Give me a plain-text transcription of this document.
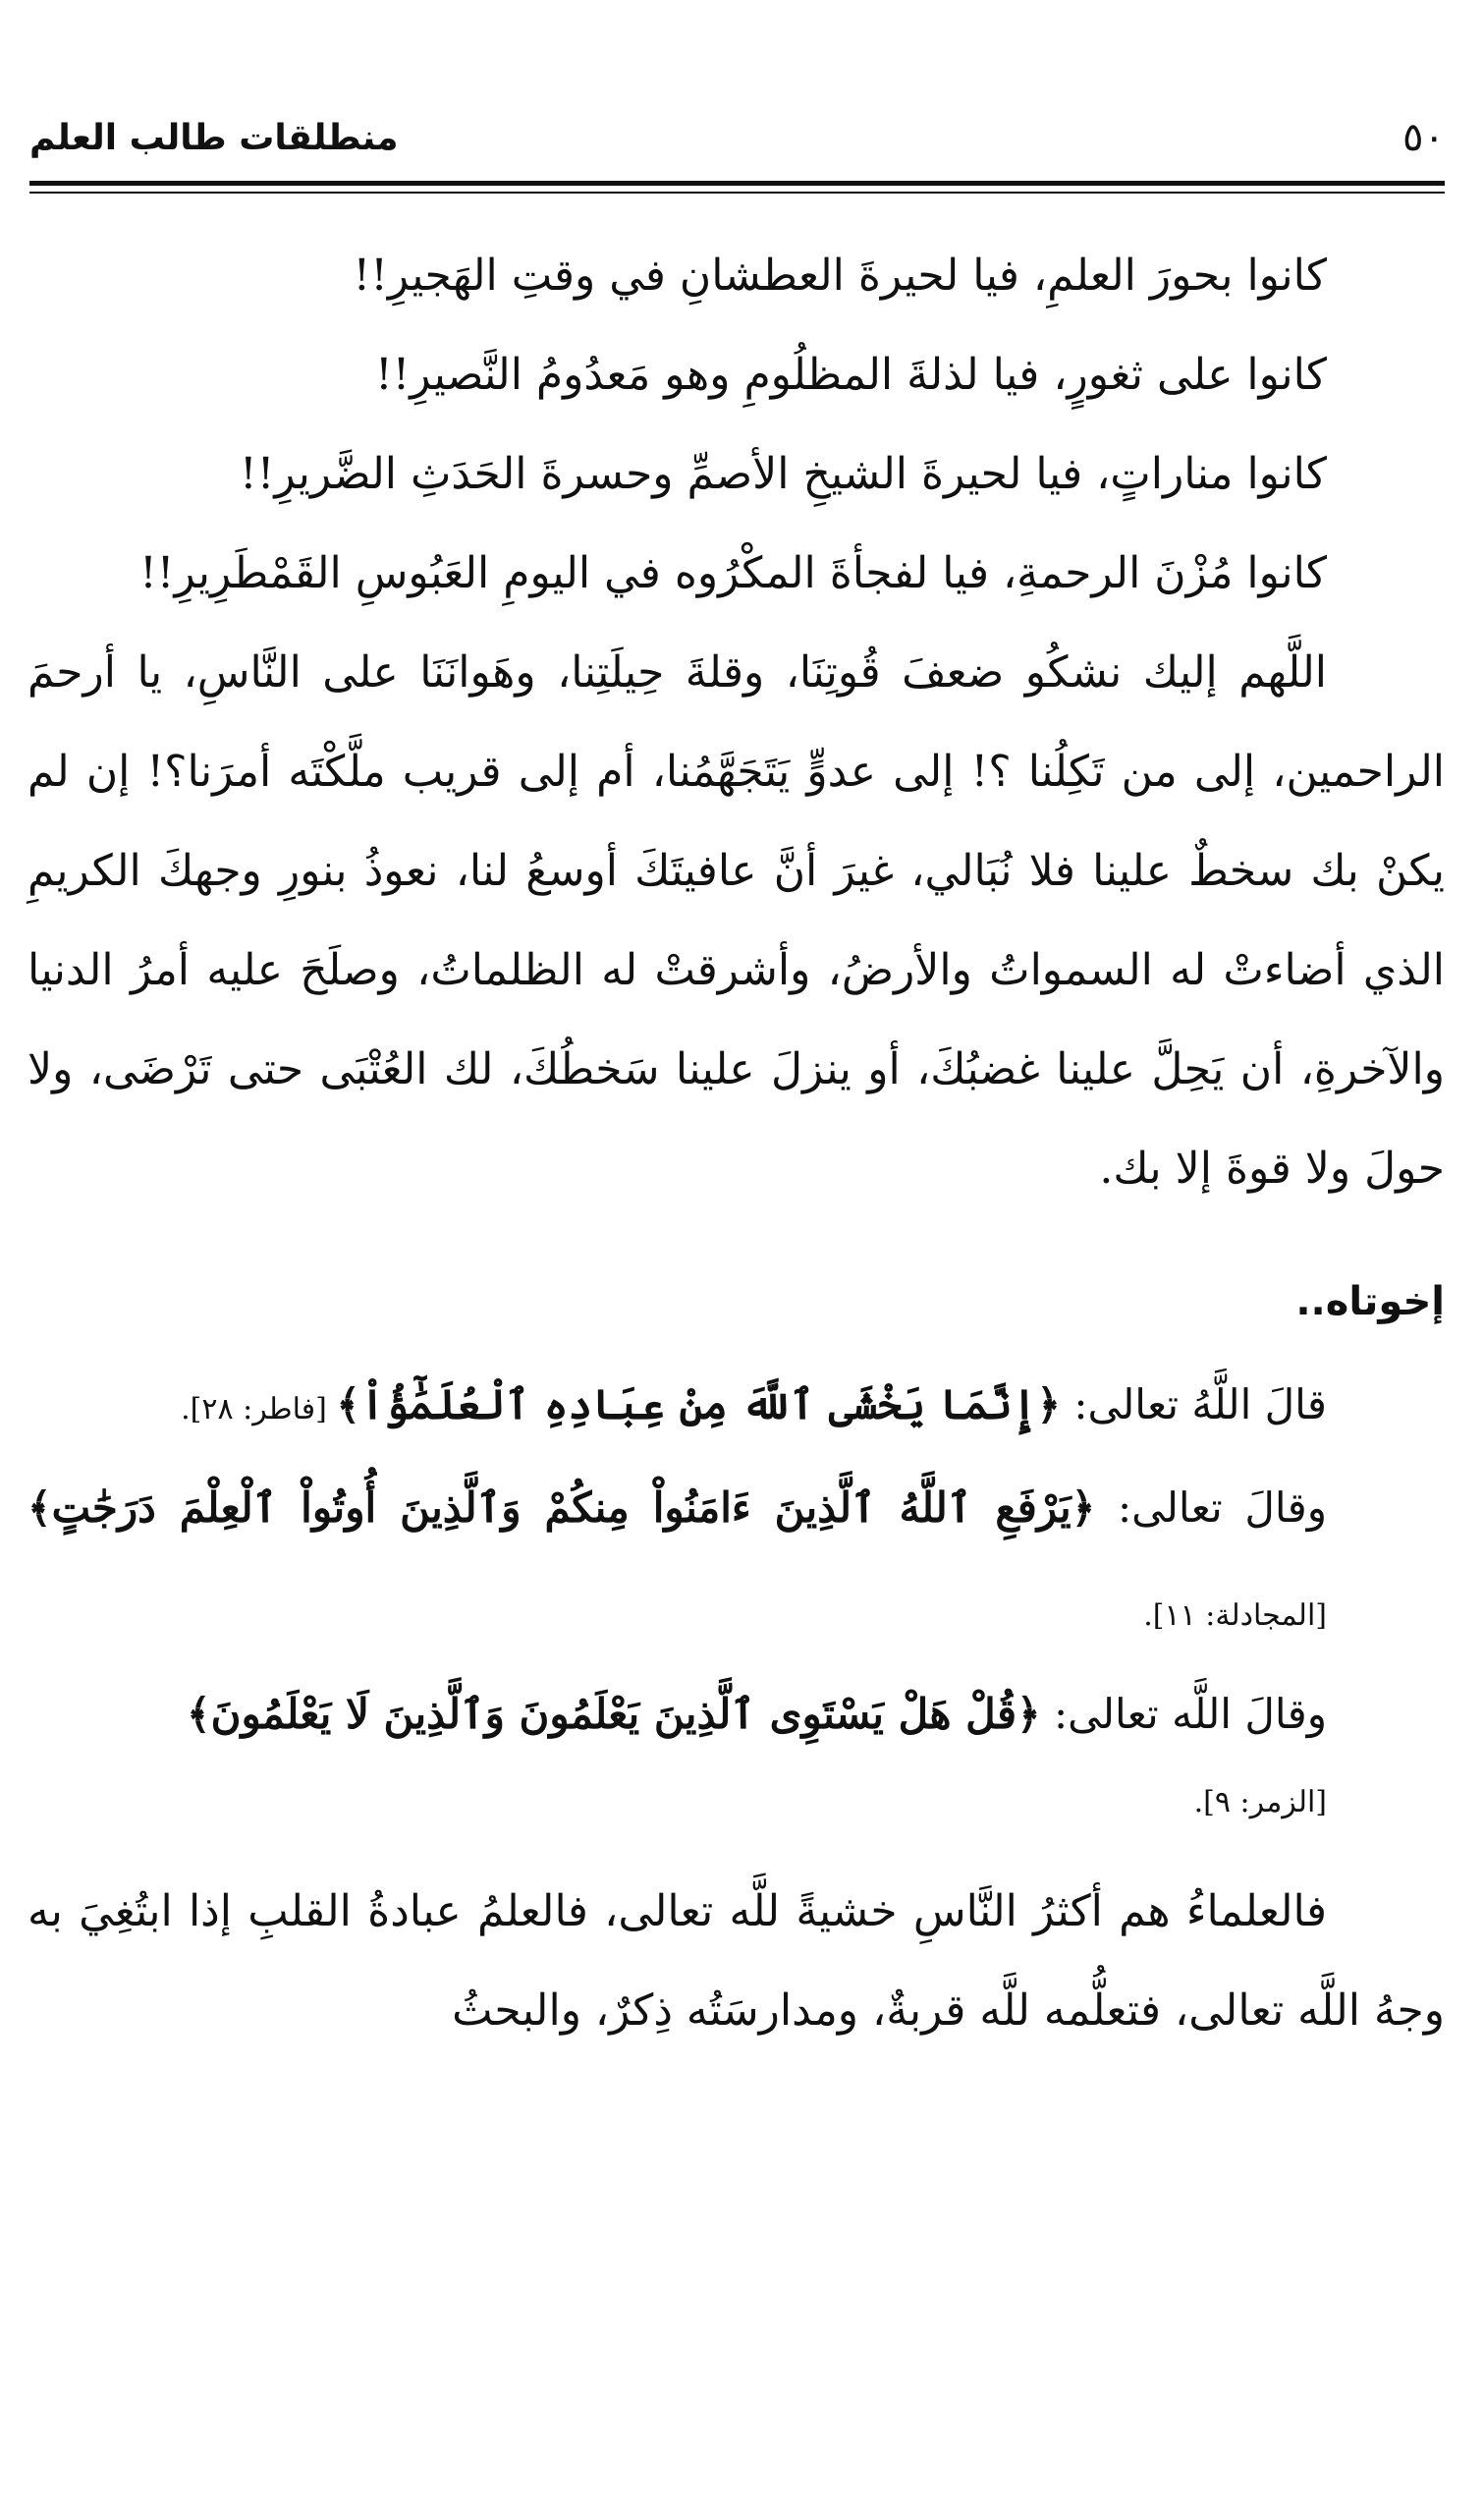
٥٠
منطلقات طالب العلم
كانوا بحورَ العلمِ، فيا لحيرةَ العطشانِ في وقتِ الهَجيرِ!!
كانوا على ثغورٍ، فيا لذلةَ المظلُومِ وهو مَعدُومُ النَّصيرِ!!
كانوا مناراتٍ، فيا لحيرةَ الشيخِ الأصمِّ وحسرةَ الحَدَثِ الضَّريرِ!!
كانوا مُزْنَ الرحمةِ، فيا لفجأةَ المكْرُوه في اليومِ العَبُوسِ القَمْطَرِيرِ!!
اللَّهم إليك نشكُو ضعفَ قُوتِنَا، وقلةَ حِيلَتِنا، وهَوانَنَا على النَّاسِ، يا أرحمَ الراحمين، إلى من تَكِلُنا ؟! إلى عدوٍّ يَتَجَهَّمُنا، أم إلى قريب ملَّكْتَه أمرَنا؟! إن لم يكنْ بك سخطٌ علينا فلا نُبَالي، غيرَ أنَّ عافيتَكَ أوسعُ لنا، نعوذُ بنورِ وجهكَ الكريمِ الذي أضاءتْ له السمواتُ والأرضُ، وأشرقتْ له الظلماتُ، وصلَحَ عليه أمرُ الدنيا والآخرةِ، أن يَحِلَّ علينا غضبُكَ، أو ينزلَ علينا سَخطُكَ، لك العُتْبَى حتى تَرْضَى، ولا حولَ ولا قوةَ إلا بك.
إخوتاه..
قالَ اللَّهُ تعالى: ﴿إِنَّمَا يَخْشَى ٱللَّهَ مِنْ عِبَادِهِ ٱلْعُلَمَٰٓؤُاْ﴾ [فاطر: ٢٨].
وقالَ تعالى: ﴿يَرْفَعِ ٱللَّهُ ٱلَّذِينَ ءَامَنُواْ مِنكُمْ وَٱلَّذِينَ أُوتُواْ ٱلْعِلْمَ دَرَجَٰتٍ﴾ [المجادلة: ١١].
وقالَ اللَّه تعالى: ﴿قُلْ هَلْ يَسْتَوِى ٱلَّذِينَ يَعْلَمُونَ وَٱلَّذِينَ لَا يَعْلَمُونَ﴾
[الزمر: ٩].
فالعلماءُ هم أكثرُ النَّاسِ خشيةً للَّه تعالى، فالعلمُ عبادةُ القلبِ إذا ابتُغِيَ به وجهُ اللَّه تعالى، فتعلُّمه للَّه قربةٌ، ومدارسَتُه ذِكرٌ، والبحثُ
